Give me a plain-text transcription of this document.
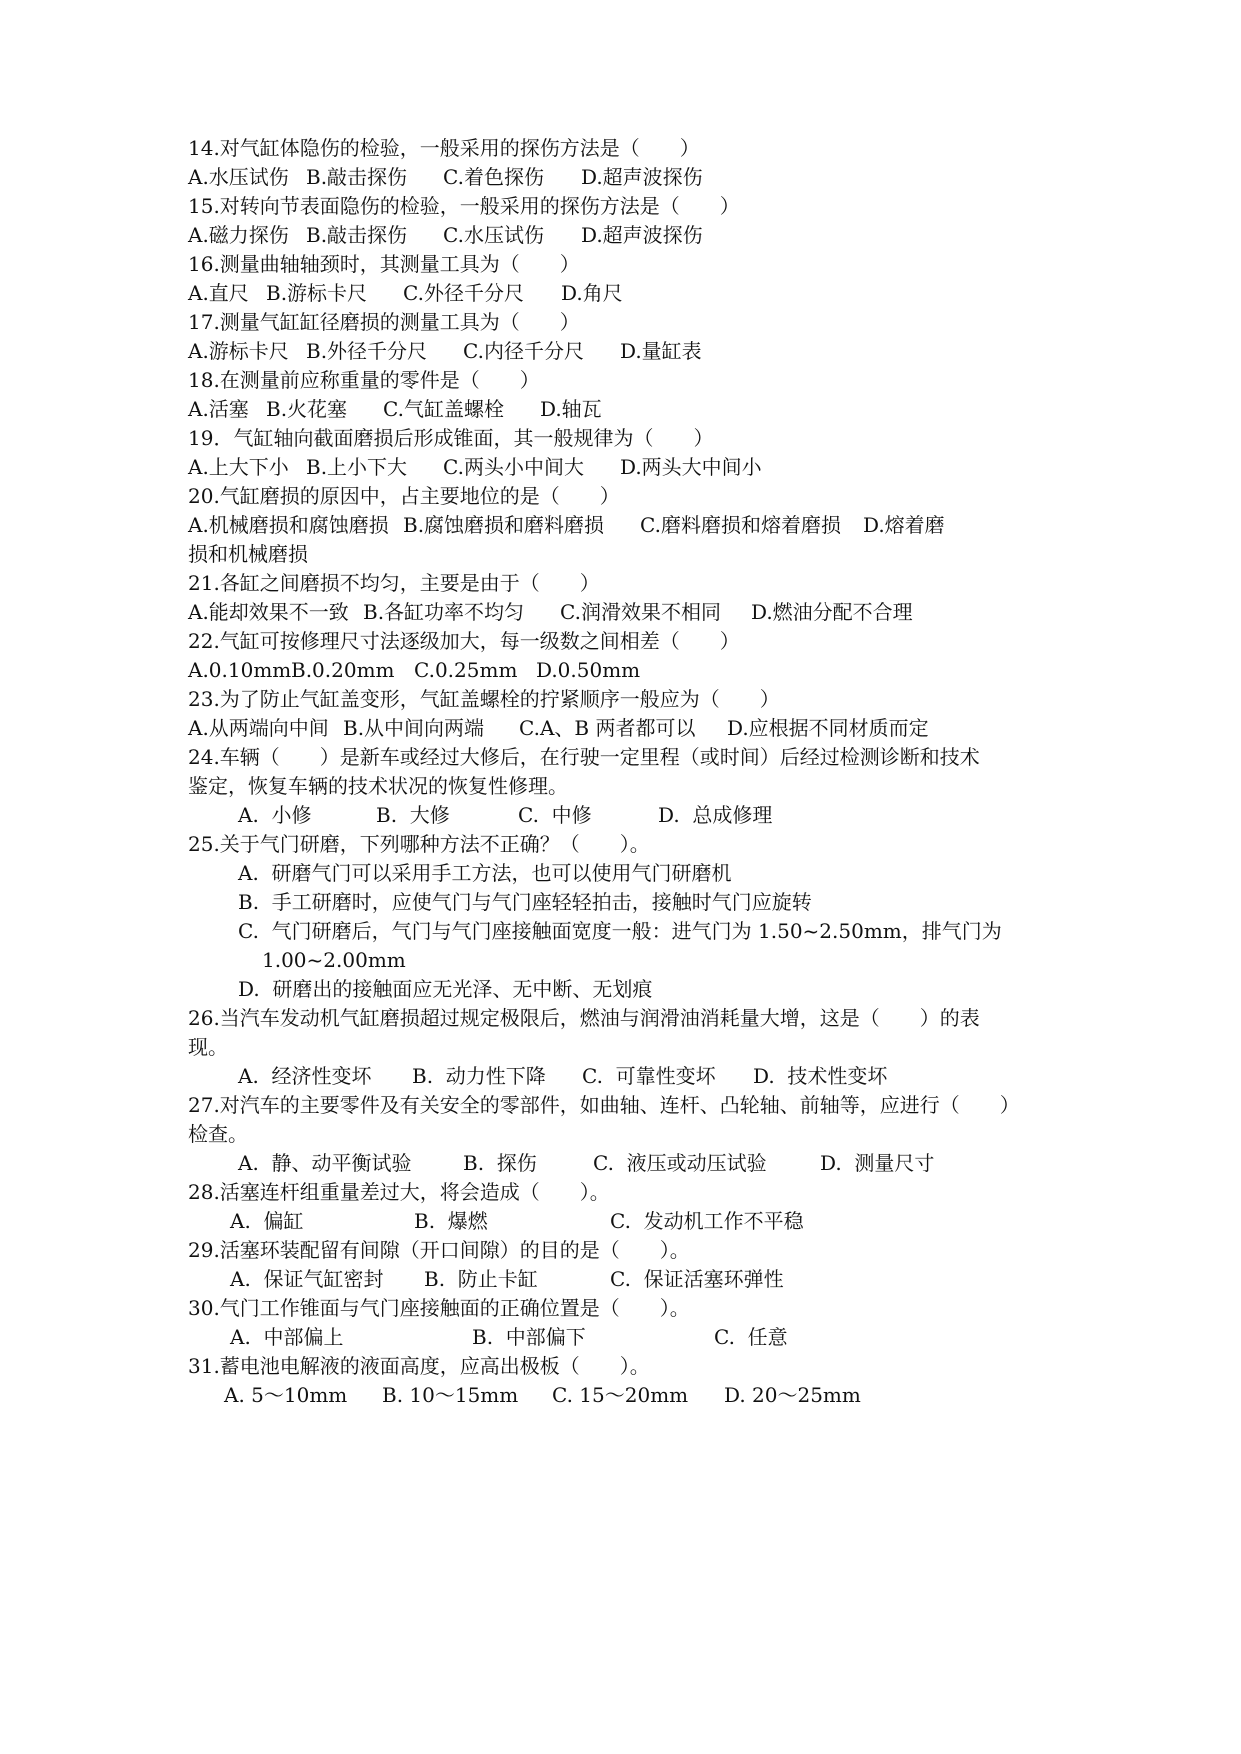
14.对气缸体隐伤的检验，一般采用的探伤方法是（　　）

A.水压试伤 B.敲击探伤 C.着色探伤 D.超声波探伤

15.对转向节表面隐伤的检验，一般采用的探伤方法是（　　）

A.磁力探伤 B.敲击探伤 C.水压试伤 D.超声波探伤

16.测量曲轴轴颈时，其测量工具为（　　）

A.直尺 B.游标卡尺 C.外径千分尺 D.角尺

17.测量气缸缸径磨损的测量工具为（　　）

A.游标卡尺 B.外径千分尺 C.内径千分尺 D.量缸表

18.在测量前应称重量的零件是（　　）

A.活塞 B.火花塞 C.气缸盖螺栓 D.轴瓦

19．气缸轴向截面磨损后形成锥面，其一般规律为（　　）

A.上大下小 B.上小下大 C.两头小中间大 D.两头大中间小

20.气缸磨损的原因中，占主要地位的是（　　）

A.机械磨损和腐蚀磨损 B.腐蚀磨损和磨料磨损 C.磨料磨损和熔着磨损 D.熔着磨
损和机械磨损

21.各缸之间磨损不均匀，主要是由于（　　）

A.能却效果不一致 B.各缸功率不均匀 C.润滑效果不相同 D.燃油分配不合理

22.气缸可按修理尺寸法逐级加大，每一级数之间相差（　　）

A.0.10mm B.0.20mm C.0.25mm D.0.50mm

23.为了防止气缸盖变形，气缸盖螺栓的拧紧顺序一般应为（　　）

A.从两端向中间 B.从中间向两端 C.A、B 两者都可以 D.应根据不同材质而定

24.车辆（　　）是新车或经过大修后，在行驶一定里程（或时间）后经过检测诊断和技术

鉴定，恢复车辆的技术状况的恢复性修理。

A.  小修	B.  大修	C.  中修	D.  总成修理

25.关于气门研磨，下列哪种方法不正确？（　　）。

A.  研磨气门可以采用手工方法，也可以使用气门研磨机
B.  手工研磨时，应使气门与气门座轻轻拍击，接触时气门应旋转
C.  气门研磨后，气门与气门座接触面宽度一般：进气门为 1.50~2.50mm，排气门为
1.00~2.00mm
D.  研磨出的接触面应无光泽、无中断、无划痕

26.当汽车发动机气缸磨损超过规定极限后，燃油与润滑油消耗量大增，这是（　　）的表

现。

A.  经济性变坏 B.  动力性下降 C.  可靠性变坏 D.  技术性变坏

27.对汽车的主要零件及有关安全的零部件，如曲轴、连杆、凸轮轴、前轴等，应进行（　　）

检查。

A.  静、动平衡试验	B.  探伤	C.  液压或动压试验	D.  测量尺寸

28.活塞连杆组重量差过大，将会造成（　　）。

A.  偏缸	B.  爆燃	C.  发动机工作不平稳

29.活塞环装配留有间隙（开口间隙）的目的是（　　）。

A.  保证气缸密封 B.  防止卡缸	C.  保证活塞环弹性

30.气门工作锥面与气门座接触面的正确位置是（　　）。

A.  中部偏上	B.  中部偏下	C.  任意

31.蓄电池电解液的液面高度，应高出极板（　　）。

A. 5～10mm B. 10～15mm C. 15～20mm D. 20～25mm
